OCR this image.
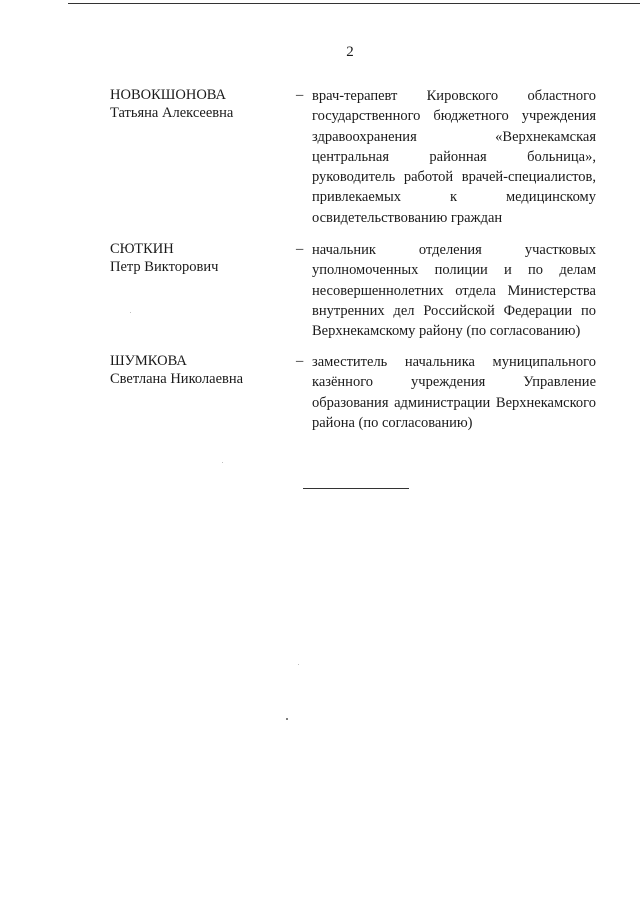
2
НОВОКШОНОВА
Татьяна Алексеевна
– врач-терапевт Кировского областного государственного бюджетного учреждения здравоохранения «Верхнекамская центральная районная больница», руководитель работой врачей-специалистов, привлекаемых к медицинскому освидетельствованию граждан
СЮТКИН
Петр Викторович
– начальник отделения участковых уполномоченных полиции и по делам несовершеннолетних отдела Министерства внутренних дел Российской Федерации по Верхнекамскому району (по согласованию)
ШУМКОВА
Светлана Николаевна
– заместитель начальника муниципального казённого учреждения Управление образования администрации Верхнекамского района (по согласованию)
